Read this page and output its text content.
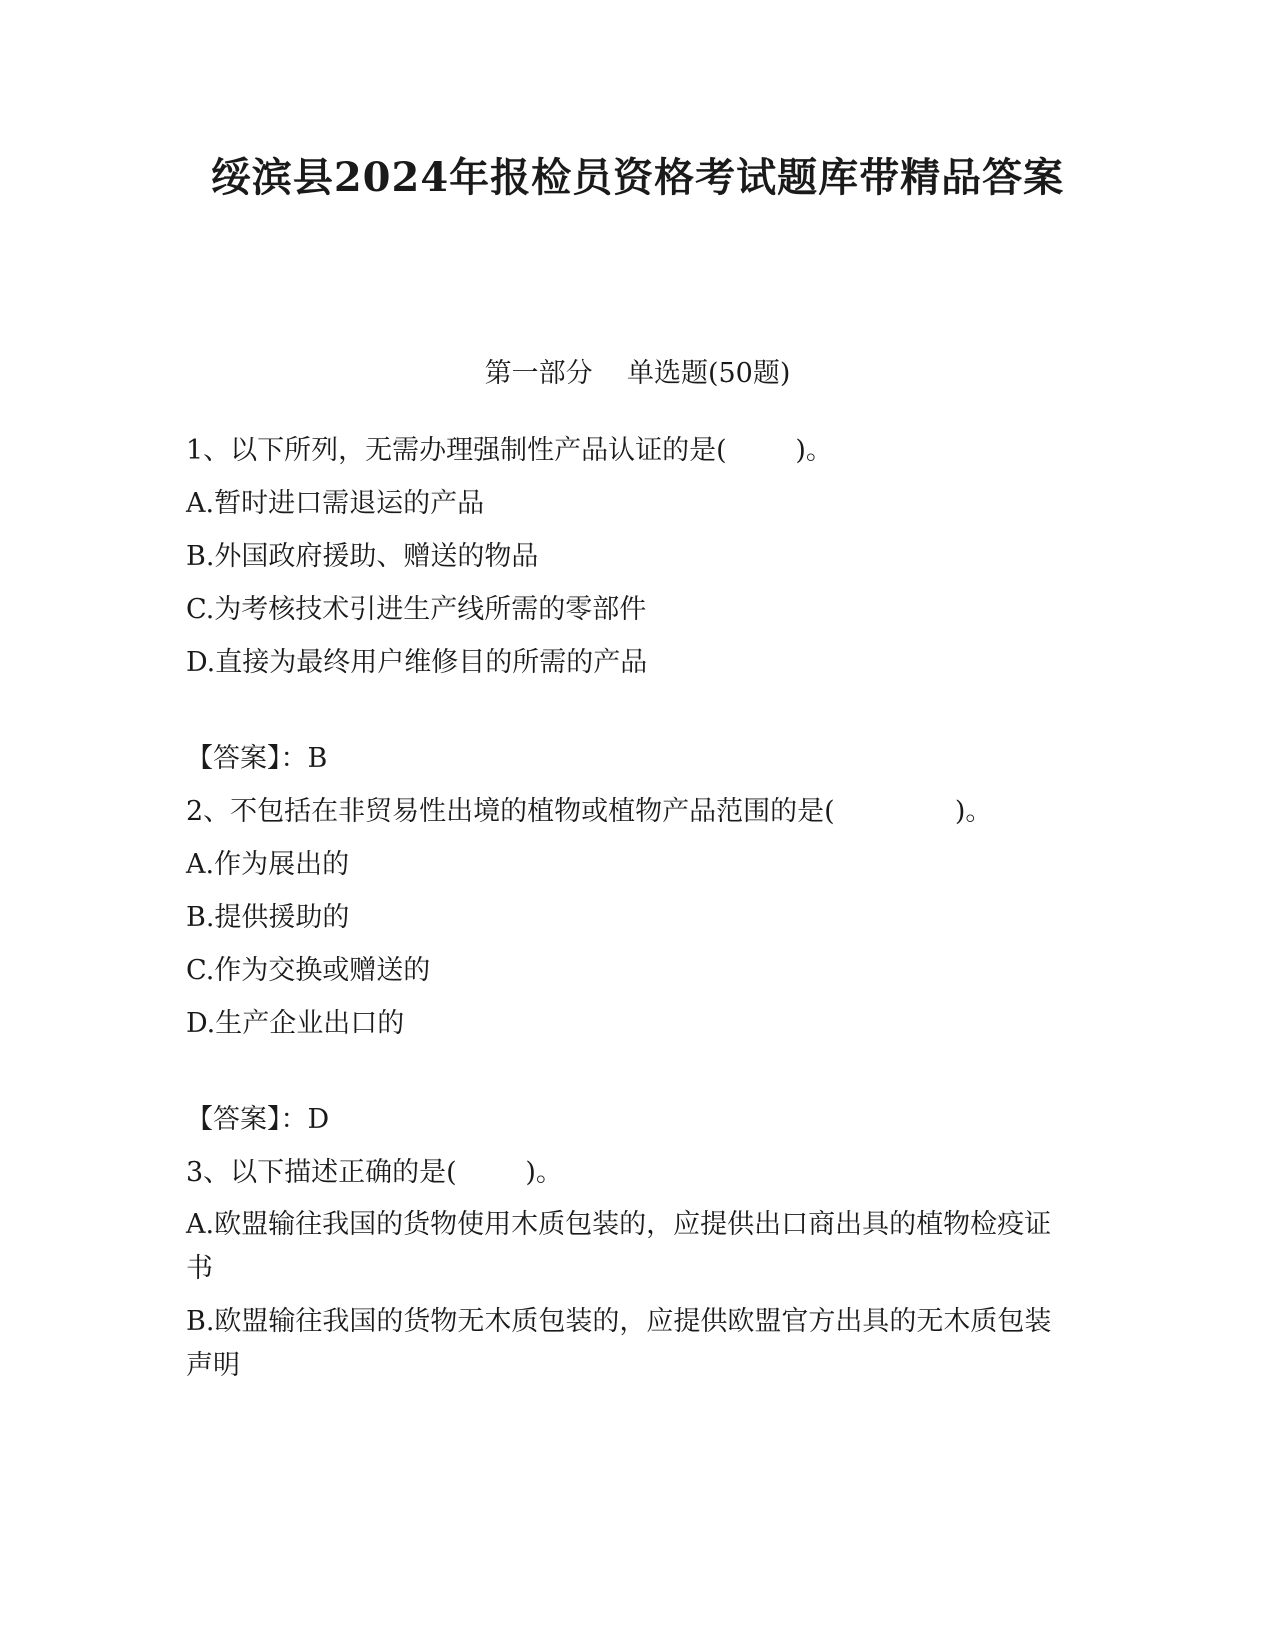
绥滨县2024年报检员资格考试题库带精品答案
第一部分    单选题(50题)
1、以下所列，无需办理强制性产品认证的是(        )。
A.暂时进口需退运的产品
B.外国政府援助、赠送的物品
C.为考核技术引进生产线所需的零部件
D.直接为最终用户维修目的所需的产品
【答案】：B
2、不包括在非贸易性出境的植物或植物产品范围的是(              )。
A.作为展出的
B.提供援助的
C.作为交换或赠送的
D.生产企业出口的
【答案】：D
3、以下描述正确的是(        )。
A.欧盟输往我国的货物使用木质包装的，应提供出口商出具的植物检疫证书
B.欧盟输往我国的货物无木质包装的，应提供欧盟官方出具的无木质包装声明
